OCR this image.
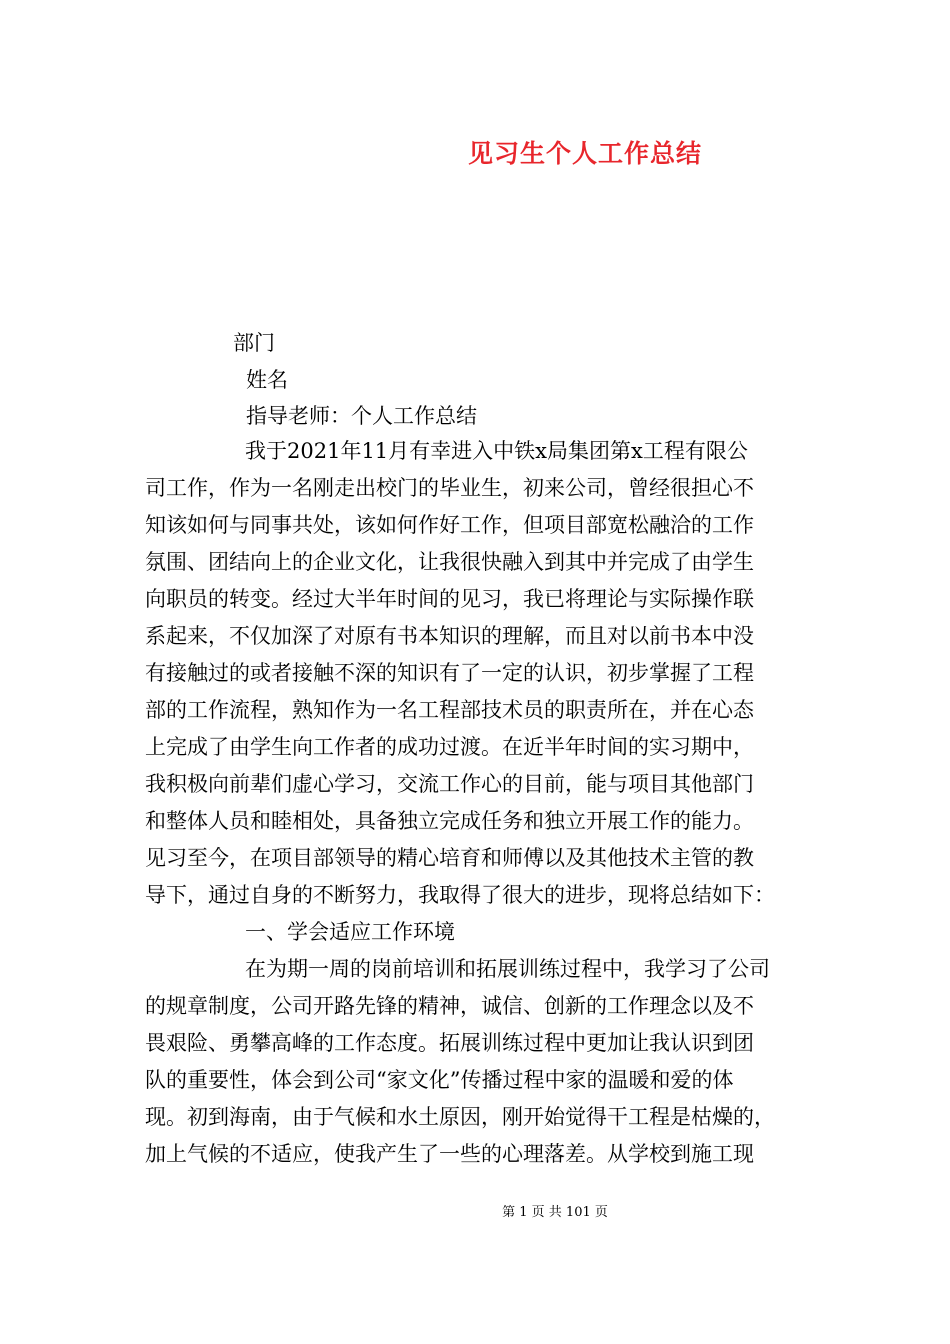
见习生个人工作总结
部门
姓名
指导老师：个人工作总结
我于2021年11月有幸进入中铁x局集团第x工程有限公
司工作，作为一名刚走出校门的毕业生，初来公司，曾经很担心不
知该如何与同事共处，该如何作好工作，但项目部宽松融洽的工作
氛围、团结向上的企业文化，让我很快融入到其中并完成了由学生
向职员的转变。经过大半年时间的见习，我已将理论与实际操作联
系起来，不仅加深了对原有书本知识的理解，而且对以前书本中没
有接触过的或者接触不深的知识有了一定的认识，初步掌握了工程
部的工作流程，熟知作为一名工程部技术员的职责所在，并在心态
上完成了由学生向工作者的成功过渡。在近半年时间的实习期中，
我积极向前辈们虚心学习，交流工作心的目前，能与项目其他部门
和整体人员和睦相处，具备独立完成任务和独立开展工作的能力。
见习至今，在项目部领导的精心培育和师傅以及其他技术主管的教
导下，通过自身的不断努力，我取得了很大的进步，现将总结如下：
一、学会适应工作环境
在为期一周的岗前培训和拓展训练过程中，我学习了公司
的规章制度，公司开路先锋的精神，诚信、创新的工作理念以及不
畏艰险、勇攀高峰的工作态度。拓展训练过程中更加让我认识到团
队的重要性，体会到公司“家文化”传播过程中家的温暖和爱的体
现。初到海南，由于气候和水土原因，刚开始觉得干工程是枯燥的，
加上气候的不适应，使我产生了一些的心理落差。从学校到施工现
第 1 页 共 101 页
